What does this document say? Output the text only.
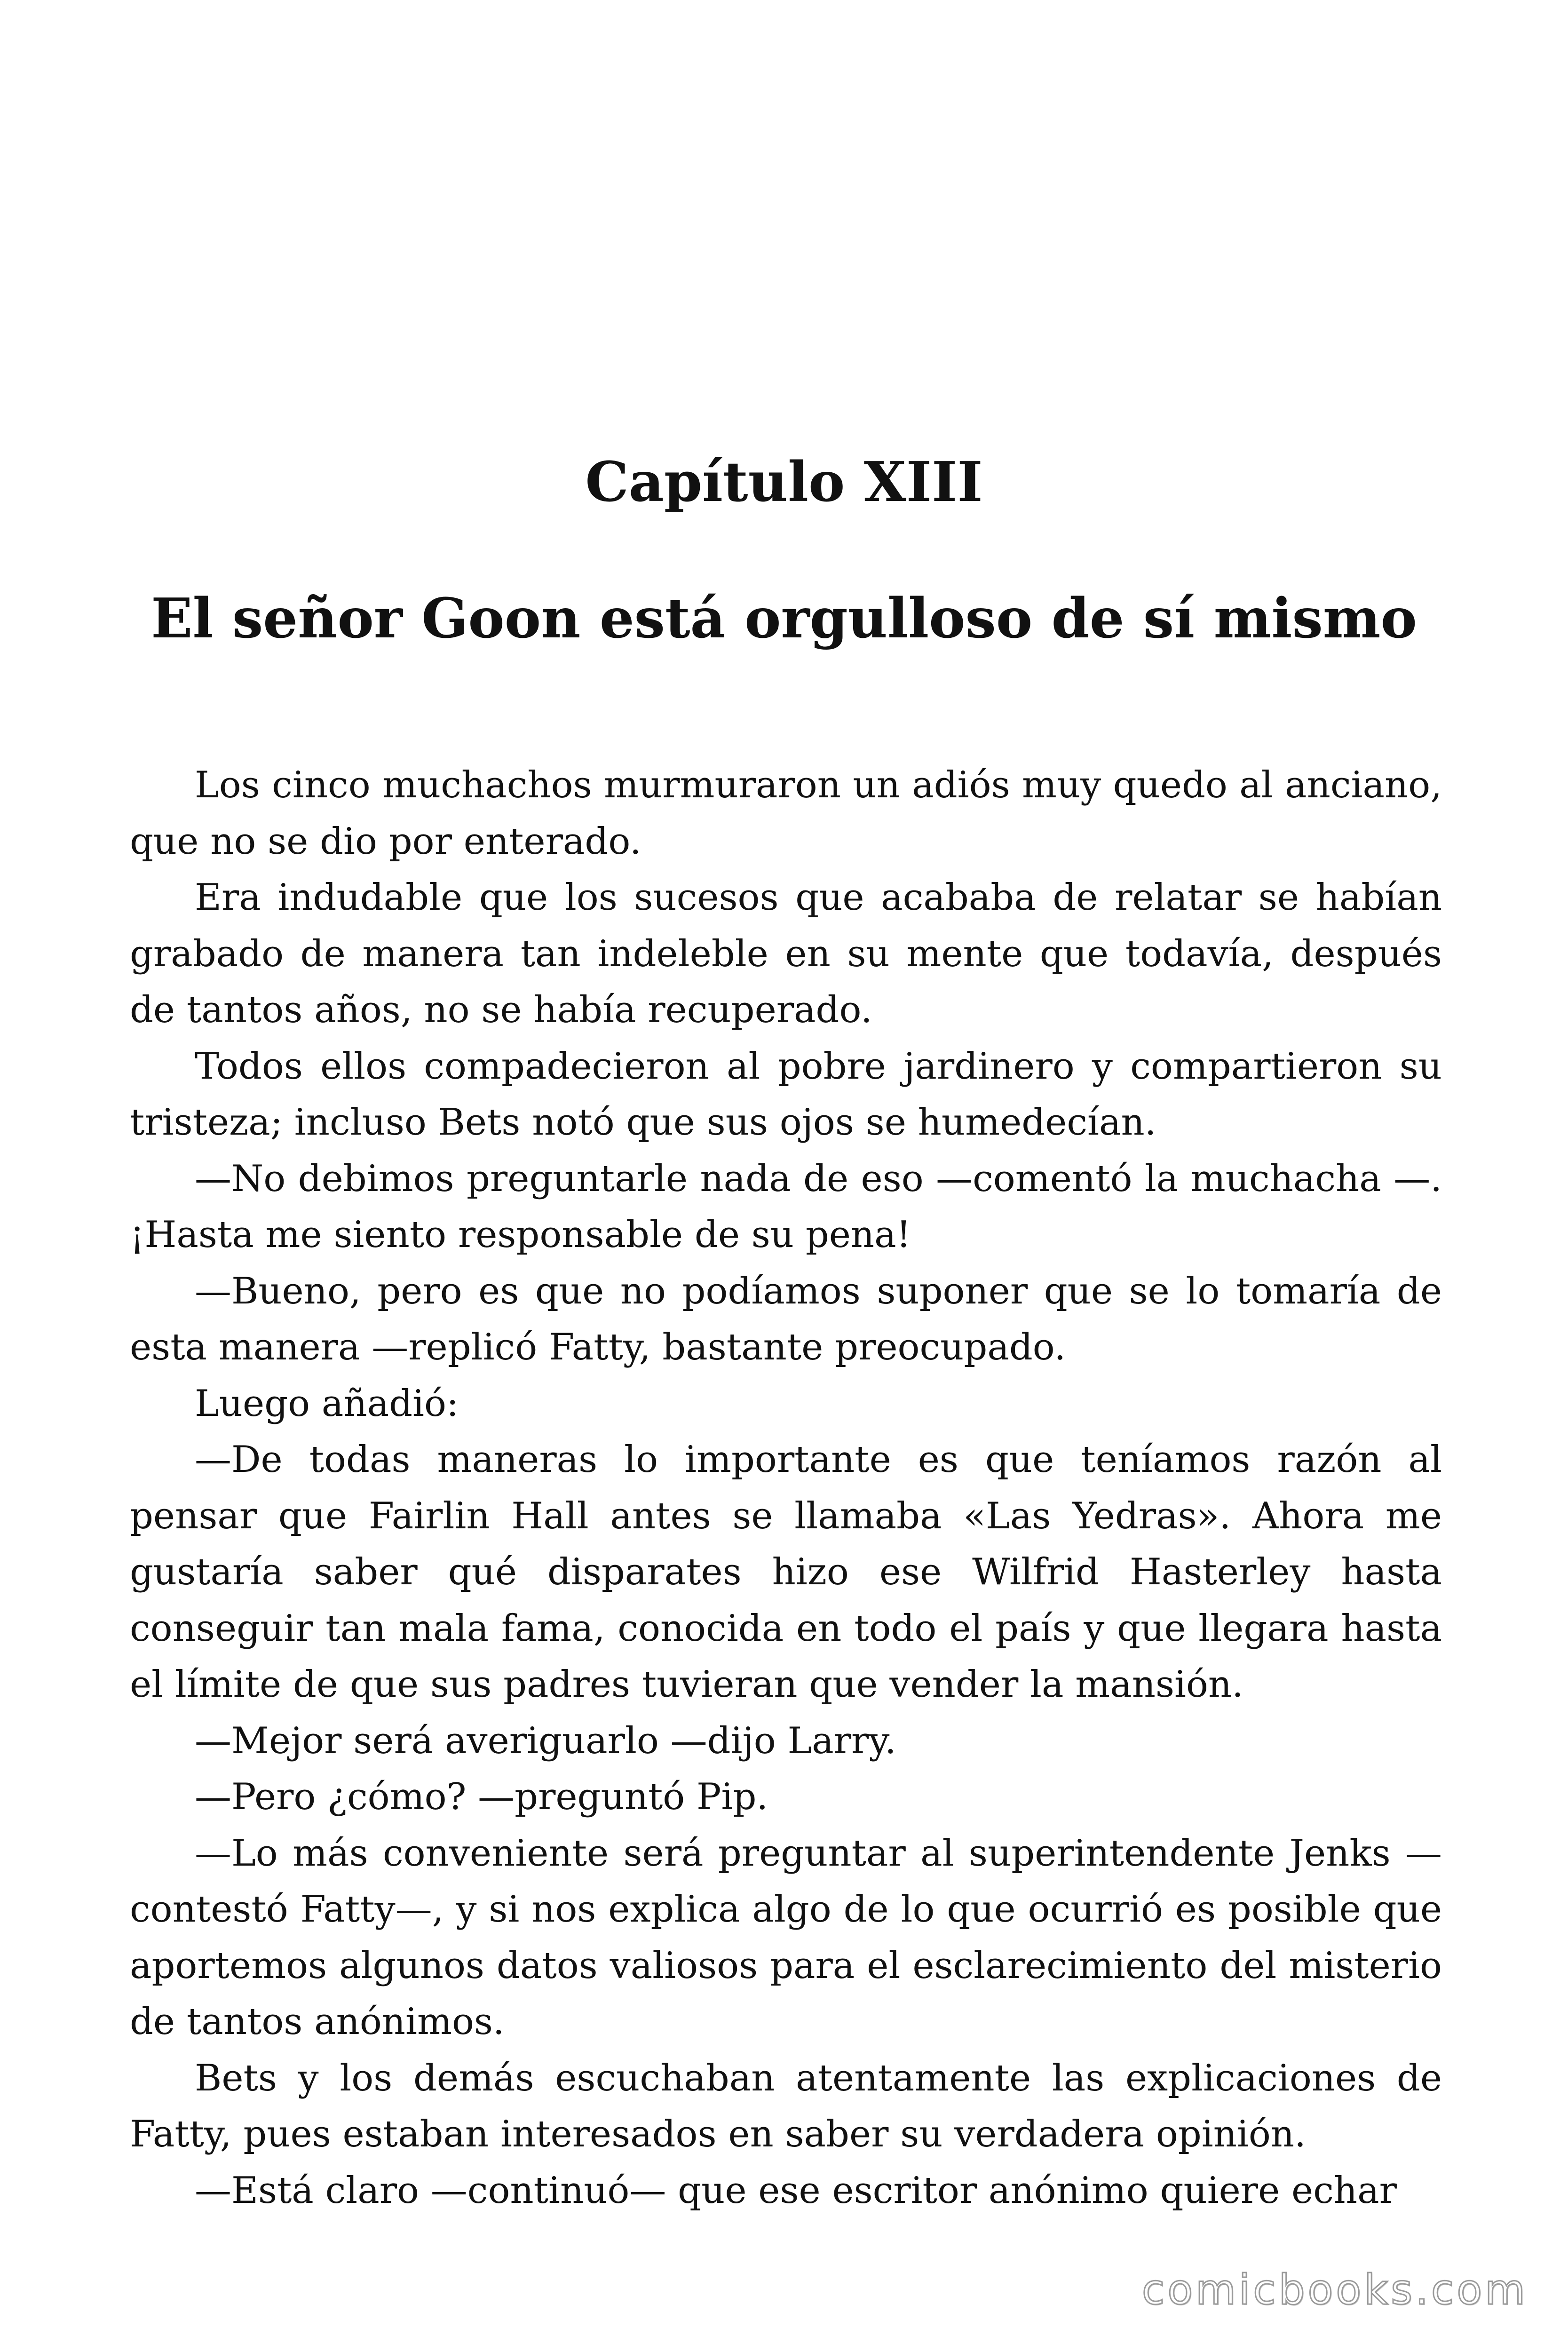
Capítulo XIII
El señor Goon está orgulloso de sí mismo

Los cinco muchachos murmuraron un adiós muy quedo al anciano, que no se dio por enterado.

Era indudable que los sucesos que acababa de relatar se habían grabado de manera tan indeleble en su mente que todavía, después de tantos años, no se había recuperado.

Todos ellos compadecieron al pobre jardinero y compartieron su tristeza; incluso Bets notó que sus ojos se humedecían.

—No debimos preguntarle nada de eso —comentó la muchacha —. ¡Hasta me siento responsable de su pena!

—Bueno, pero es que no podíamos suponer que se lo tomaría de esta manera —replicó Fatty, bastante preocupado.

Luego añadió:

—De todas maneras lo importante es que teníamos razón al pensar que Fairlin Hall antes se llamaba «Las Yedras». Ahora me gustaría saber qué disparates hizo ese Wilfrid Hasterley hasta conseguir tan mala fama, conocida en todo el país y que llegara hasta el límite de que sus padres tuvieran que vender la mansión.

—Mejor será averiguarlo —dijo Larry.

—Pero ¿cómo? —preguntó Pip.

—Lo más conveniente será preguntar al superintendente Jenks —contestó Fatty—, y si nos explica algo de lo que ocurrió es posible que aportemos algunos datos valiosos para el esclarecimiento del misterio de tantos anónimos.

Bets y los demás escuchaban atentamente las explicaciones de Fatty, pues estaban interesados en saber su verdadera opinión.

—Está claro —continuó— que ese escritor anónimo quiere echar

comicbooks.com
